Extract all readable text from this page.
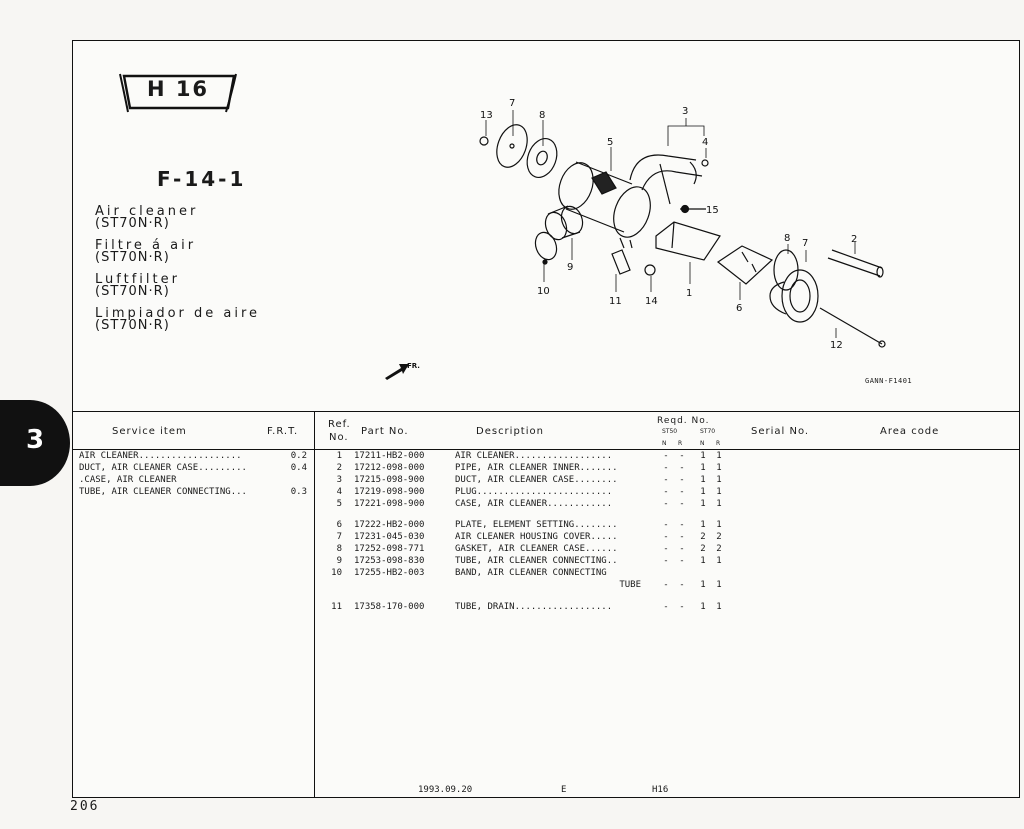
3
H 16
F-14-1
Air cleaner
(ST70N·R)
Filtre á air
(ST70N·R)
Luftfilter
(ST70N·R)
Limpiador de aire
(ST70N·R)
13
7
8
5
3
4
15
9
10
11 14
1
6
8 7	2
12
FR.
GANN-F1401
Service item	F.R.T.
Ref.
No.
Part No.	Description
Reqd. No.
ST50	ST70
N R	N R
Serial No.	Area code
AIR CLEANER...................	0.2
DUCT, AIR CLEANER CASE.........	0.4
.CASE, AIR CLEANER
TUBE, AIR CLEANER CONNECTING...	0.3
1 17211-HB2-000	AIR CLEANER..................	- - 1 1
2 17212-098-000	PIPE, AIR CLEANER INNER.......	- - 1 1
3 17215-098-900	DUCT, AIR CLEANER CASE........	- - 1 1
4 17219-098-900	PLUG.........................	- - 1 1
5 17221-098-900	CASE, AIR CLEANER............	- - 1 1
6 17222-HB2-000	PLATE, ELEMENT SETTING........	- - 1 1
7 17231-045-030	AIR CLEANER HOUSING COVER.....	- - 2 2
8 17252-098-771	GASKET, AIR CLEANER CASE......	- - 2 2
9 17253-098-830	TUBE, AIR CLEANER CONNECTING..	- - 1 1
10 17255-HB2-003	BAND, AIR CLEANER CONNECTING
TUBE - - 1 1
11 17358-170-000	TUBE, DRAIN..................	- - 1 1
1993.09.20	E	H16
206
